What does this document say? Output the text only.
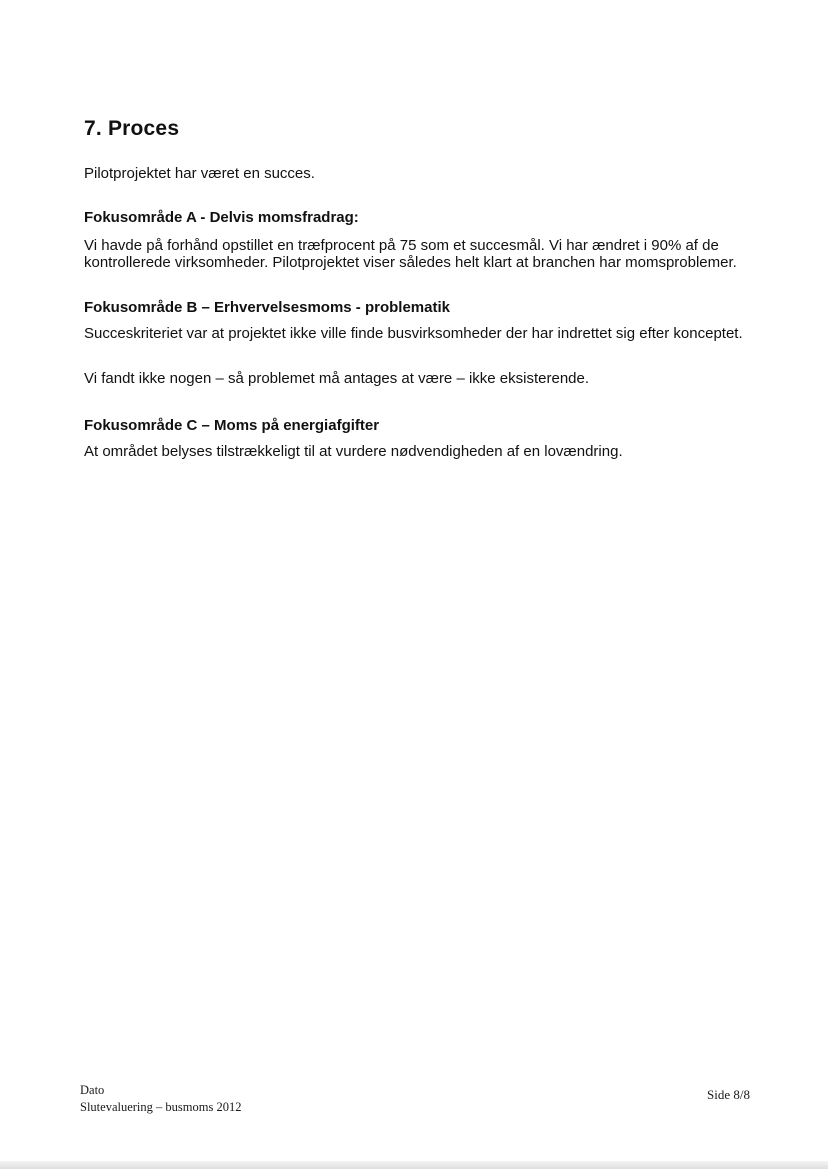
7. Proces

Pilotprojektet har været en succes.

Fokusområde A - Delvis momsfradrag:

Vi havde på forhånd opstillet en træfprocent på 75 som et succesmål. Vi har ændret i 90% af de kontrollerede virksomheder. Pilotprojektet viser således helt klart at branchen har momsproblemer.

Fokusområde B – Erhvervelsesmoms - problematik

Succeskriteriet var at projektet ikke ville finde busvirksomheder der har indrettet sig efter konceptet.

Vi fandt ikke nogen – så problemet må antages at være – ikke eksisterende.

Fokusområde C – Moms på energiafgifter

At området belyses tilstrækkeligt til at vurdere nødvendigheden af en lovændring.

Dato
Slutevaluering – busmoms 2012
Side 8/8
